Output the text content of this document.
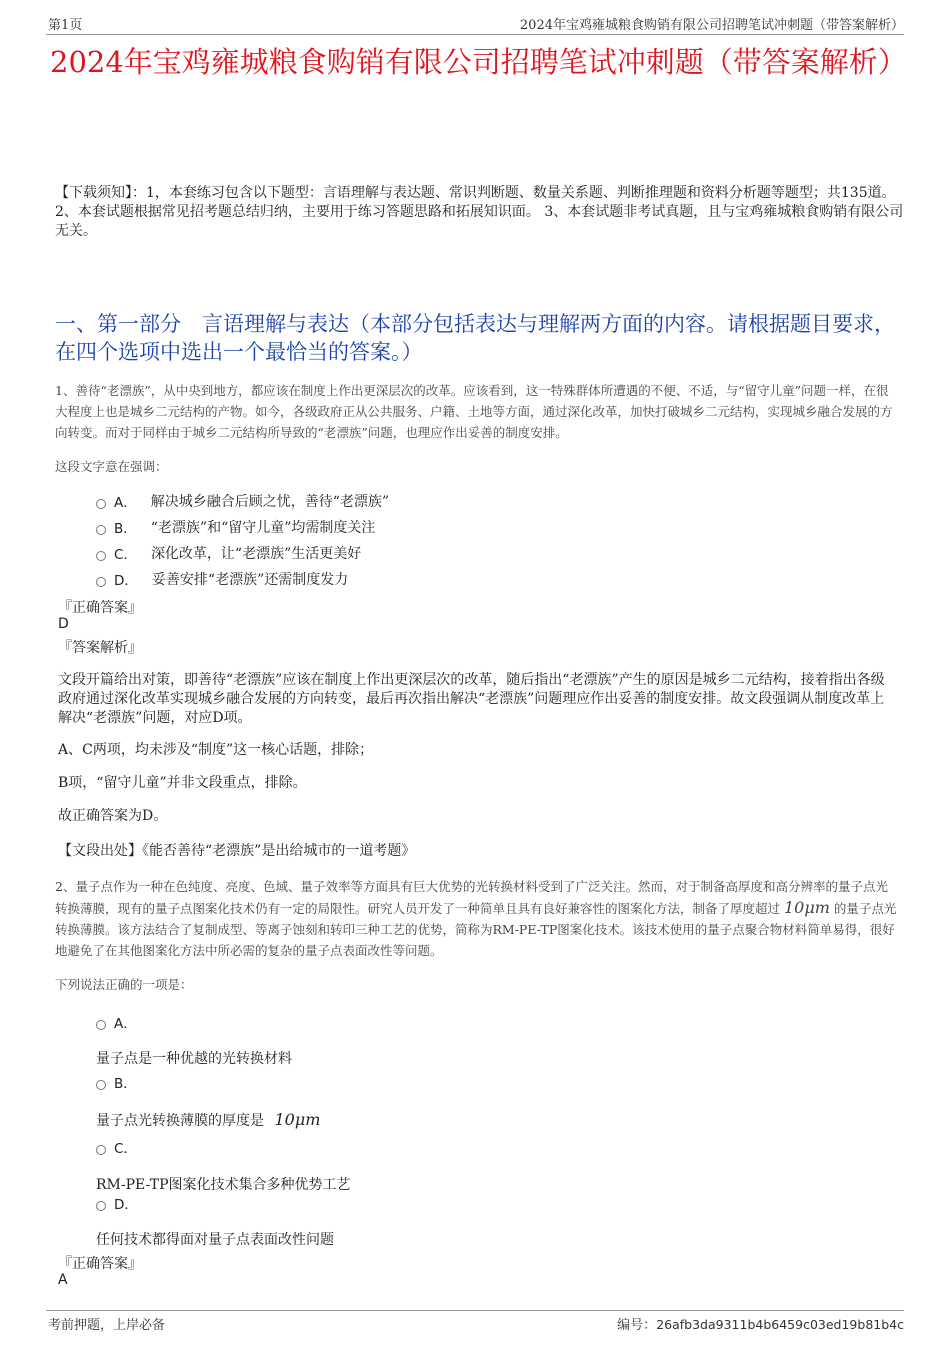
第1页	2024年宝鸡雍城粮食购销有限公司招聘笔试冲刺题（带答案解析）
2024年宝鸡雍城粮食购销有限公司招聘笔试冲刺题（带答案解析）
【下载须知】：1，本套练习包含以下题型：言语理解与表达题、常识判断题、数量关系题、判断推理题和资料分析题等题型；共135道。 2、本套试题根据常见招考题总结归纳，主要用于练习答题思路和拓展知识面。 3、本套试题非考试真题，且与宝鸡雍城粮食购销有限公司无关。
一、第一部分　言语理解与表达（本部分包括表达与理解两方面的内容。请根据题目要求，在四个选项中选出一个最恰当的答案。）
1、善待“老漂族”，从中央到地方，都应该在制度上作出更深层次的改革。应该看到，这一特殊群体所遭遇的不便、不适，与“留守儿童”问题一样，在很大程度上也是城乡二元结构的产物。如今，各级政府正从公共服务、户籍、土地等方面，通过深化改革，加快打破城乡二元结构，实现城乡融合发展的方向转变。而对于同样由于城乡二元结构所导致的“老漂族”问题，也理应作出妥善的制度安排。
这段文字意在强调：
A． 解决城乡融合后顾之忧，善待“老漂族”
B． “老漂族”和“留守儿童”均需制度关注
C． 深化改革，让“老漂族”生活更美好
D． 妥善安排“老漂族”还需制度发力
『正确答案』
D
『答案解析』
文段开篇给出对策，即善待“老漂族”应该在制度上作出更深层次的改革，随后指出“老漂族”产生的原因是城乡二元结构，接着指出各级政府通过深化改革实现城乡融合发展的方向转变，最后再次指出解决“老漂族”问题理应作出妥善的制度安排。故文段强调从制度改革上解决“老漂族”问题，对应D项。
A、C两项，均未涉及“制度”这一核心话题，排除；
B项，“留守儿童”并非文段重点，排除。
故正确答案为D。
【文段出处】《能否善待“老漂族”是出给城市的一道考题》
2、量子点作为一种在色纯度、亮度、色域、量子效率等方面具有巨大优势的光转换材料受到了广泛关注。然而，对于制备高厚度和高分辨率的量子点光转换薄膜，现有的量子点图案化技术仍有一定的局限性。研究人员开发了一种简单且具有良好兼容性的图案化方法，制备了厚度超过 10μm 的量子点光转换薄膜。该方法结合了复制成型、等离子蚀刻和转印三种工艺的优势，简称为RM-PE-TP图案化技术。该技术使用的量子点聚合物材料简单易得，很好地避免了在其他图案化方法中所必需的复杂的量子点表面改性等问题。
下列说法正确的一项是：
A．
量子点是一种优越的光转换材料
B．
量子点光转换薄膜的厚度是 10μm
C．
RM-PE-TP图案化技术集合多种优势工艺
D．
任何技术都得面对量子点表面改性问题
『正确答案』
A
考前押题，上岸必备	编号：26afb3da9311b4b6459c03ed19b81b4c
